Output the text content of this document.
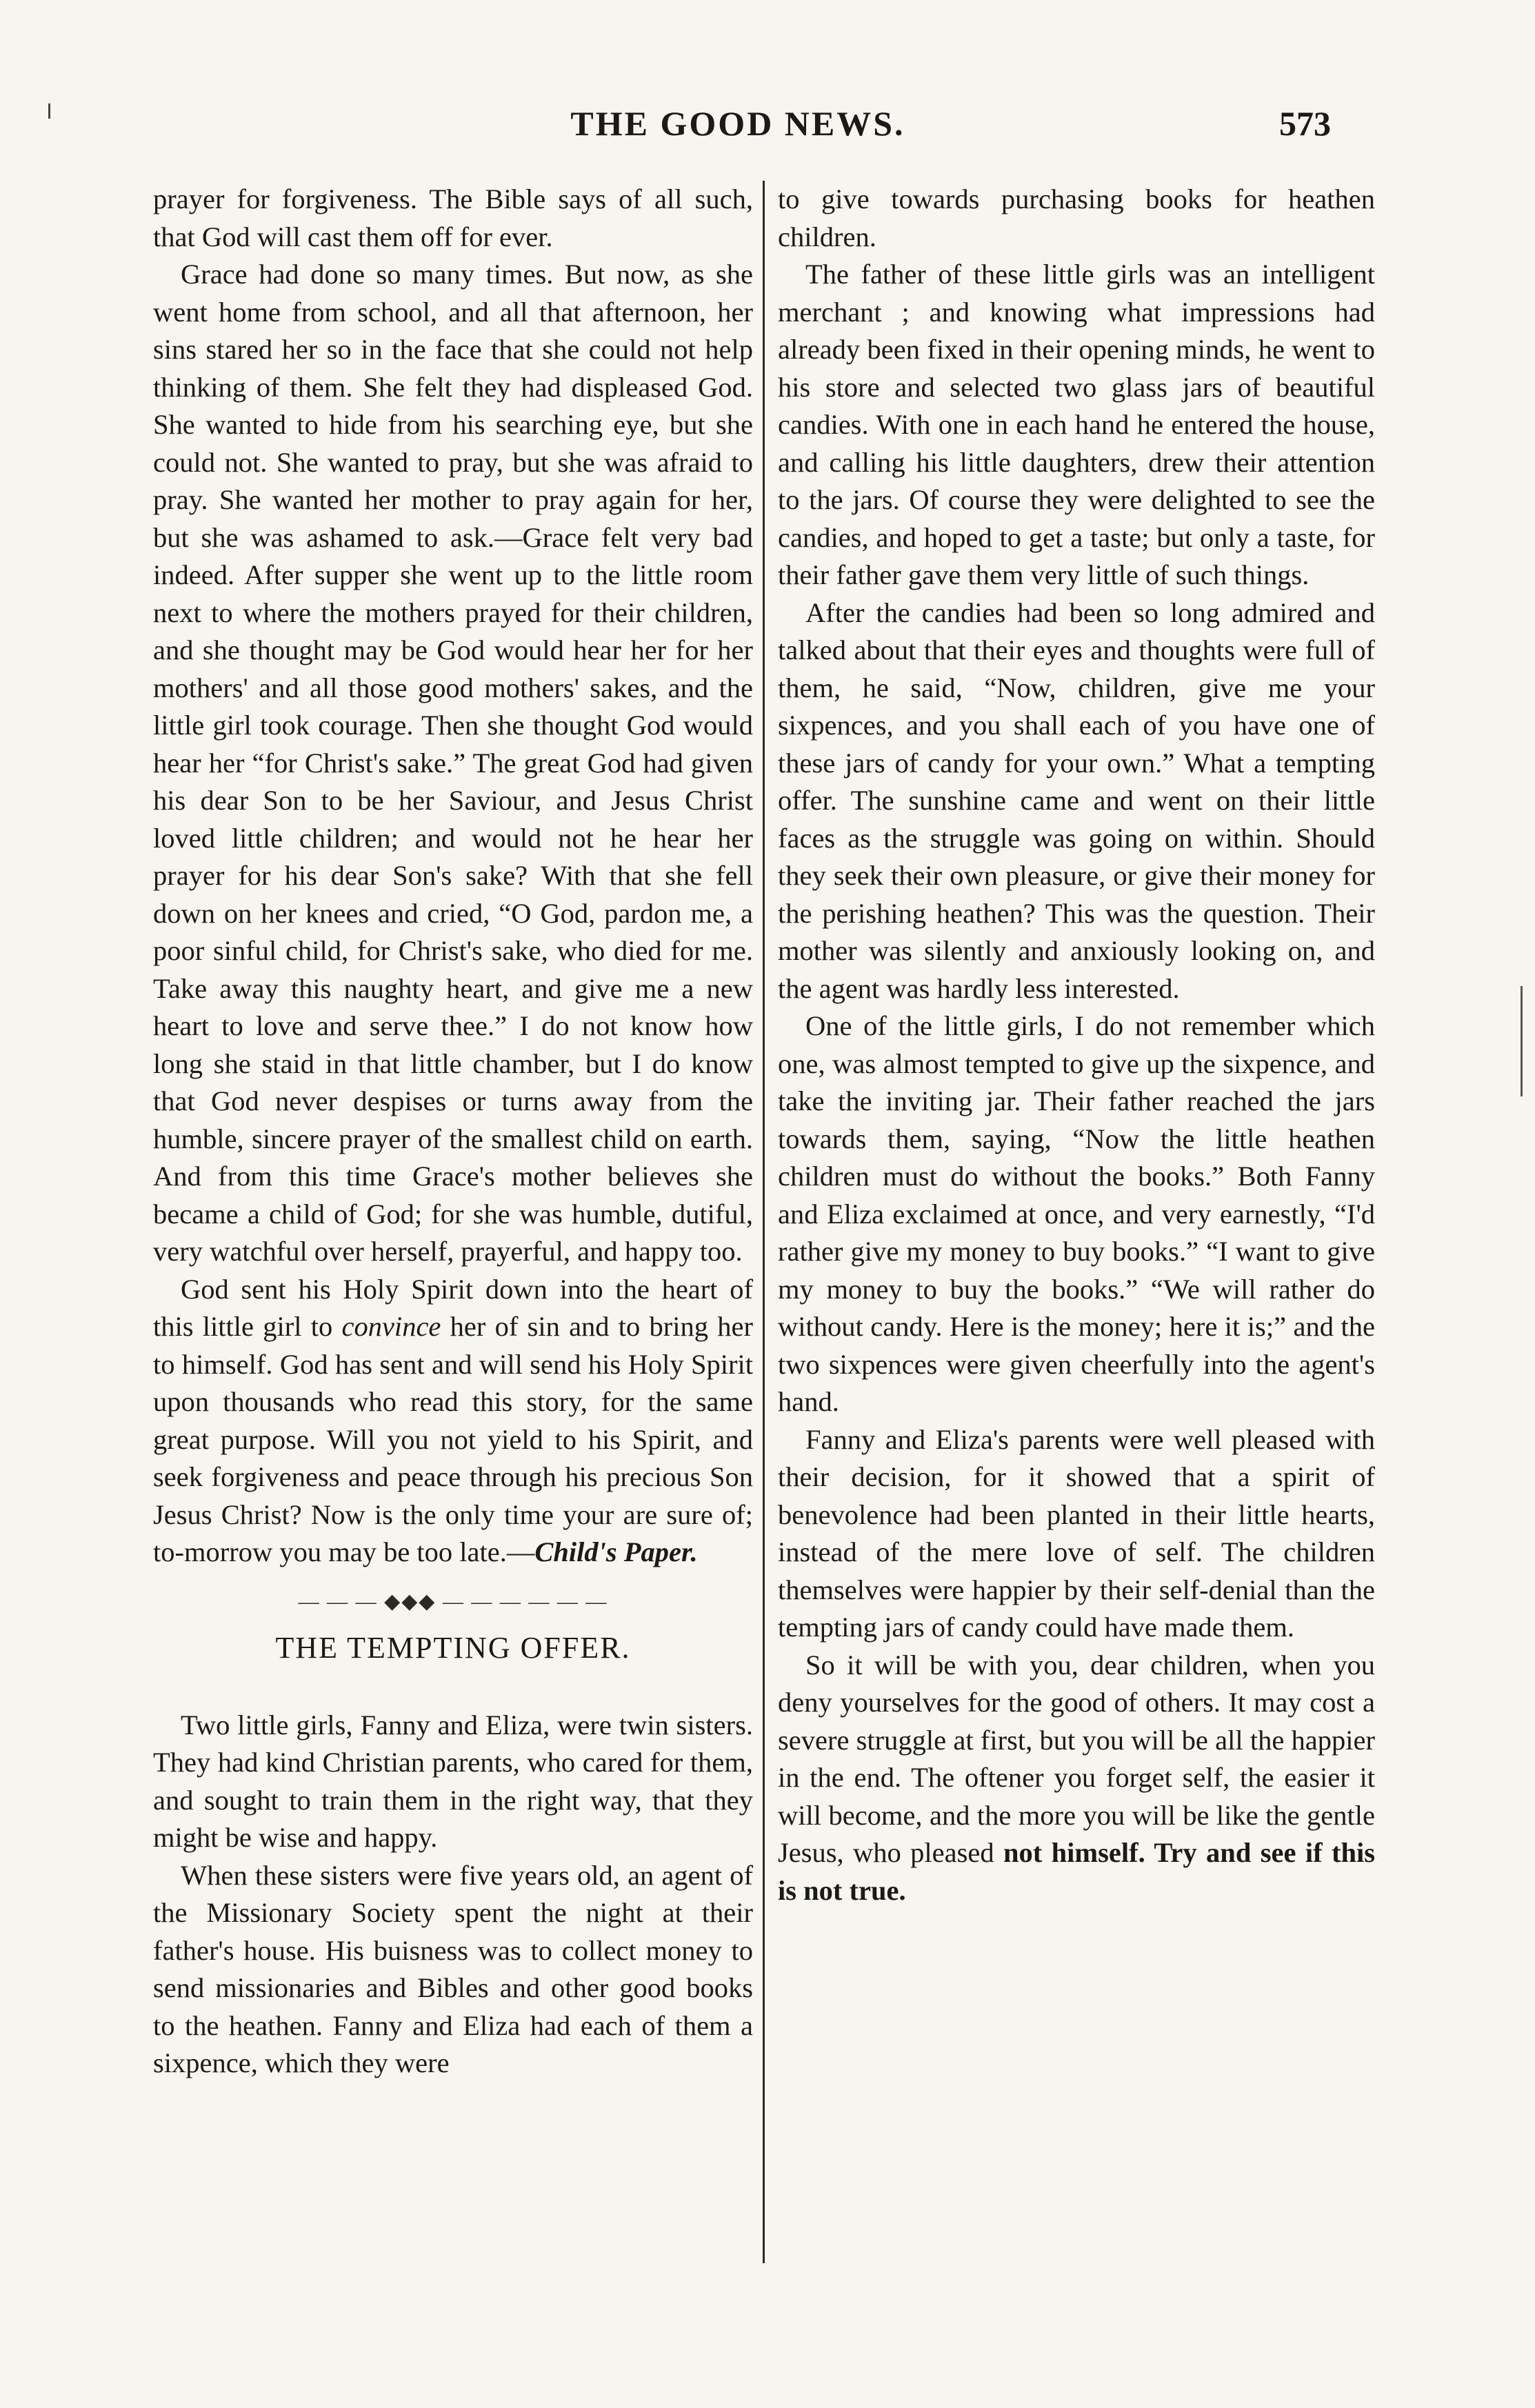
THE GOOD NEWS.	573

prayer for forgiveness. The Bible says of all such, that God will cast them off for ever.

Grace had done so many times. But now, as she went home from school, and all that afternoon, her sins stared her so in the face that she could not help thinking of them. She felt they had displeased God. She wanted to hide from his searching eye, but she could not. She wanted to pray, but she was afraid to pray. She wanted her mother to pray again for her, but she was ashamed to ask.—Grace felt very bad indeed. After supper she went up to the little room next to where the mothers prayed for their children, and she thought may be God would hear her for her mothers' and all those good mothers' sakes, and the little girl took courage. Then she thought God would hear her “for Christ's sake.” The great God had given his dear Son to be her Saviour, and Jesus Christ loved little children; and would not he hear her prayer for his dear Son's sake? With that she fell down on her knees and cried, “O God, pardon me, a poor sinful child, for Christ's sake, who died for me. Take away this naughty heart, and give me a new heart to love and serve thee.” I do not know how long she staid in that little chamber, but I do know that God never despises or turns away from the humble, sincere prayer of the smallest child on earth. And from this time Grace's mother believes she became a child of God; for she was humble, dutiful, very watchful over herself, prayerful, and happy too.

God sent his Holy Spirit down into the heart of this little girl to convince her of sin and to bring her to himself. God has sent and will send his Holy Spirit upon thousands who read this story, for the same great purpose. Will you not yield to his Spirit, and seek forgiveness and peace through his precious Son Jesus Christ? Now is the only time your are sure of; to-morrow you may be too late.—Child's Paper.

— — — ◆◆◆ — — — — — —
THE TEMPTING OFFER.

Two little girls, Fanny and Eliza, were twin sisters. They had kind Christian parents, who cared for them, and sought to train them in the right way, that they might be wise and happy.

When these sisters were five years old, an agent of the Missionary Society spent the night at their father's house. His buisness was to collect money to send missionaries and Bibles and other good books to the heathen. Fanny and Eliza had each of them a sixpence, which they were

to give towards purchasing books for heathen children.

The father of these little girls was an intelligent merchant ; and knowing what impressions had already been fixed in their opening minds, he went to his store and selected two glass jars of beautiful candies. With one in each hand he entered the house, and calling his little daughters, drew their attention to the jars. Of course they were delighted to see the candies, and hoped to get a taste; but only a taste, for their father gave them very little of such things.

After the candies had been so long admired and talked about that their eyes and thoughts were full of them, he said, “Now, children, give me your sixpences, and you shall each of you have one of these jars of candy for your own.” What a tempting offer. The sunshine came and went on their little faces as the struggle was going on within. Should they seek their own pleasure, or give their money for the perishing heathen? This was the question. Their mother was silently and anxiously looking on, and the agent was hardly less interested.

One of the little girls, I do not remember which one, was almost tempted to give up the sixpence, and take the inviting jar. Their father reached the jars towards them, saying, “Now the little heathen children must do without the books.” Both Fanny and Eliza exclaimed at once, and very earnestly, “I'd rather give my money to buy books.” “I want to give my money to buy the books.” “We will rather do without candy. Here is the money; here it is;” and the two sixpences were given cheerfully into the agent's hand.

Fanny and Eliza's parents were well pleased with their decision, for it showed that a spirit of benevolence had been planted in their little hearts, instead of the mere love of self. The children themselves were happier by their self-denial than the tempting jars of candy could have made them.

So it will be with you, dear children, when you deny yourselves for the good of others. It may cost a severe struggle at first, but you will be all the happier in the end. The oftener you forget self, the easier it will become, and the more you will be like the gentle Jesus, who pleased not himself. Try and see if this is not true.
